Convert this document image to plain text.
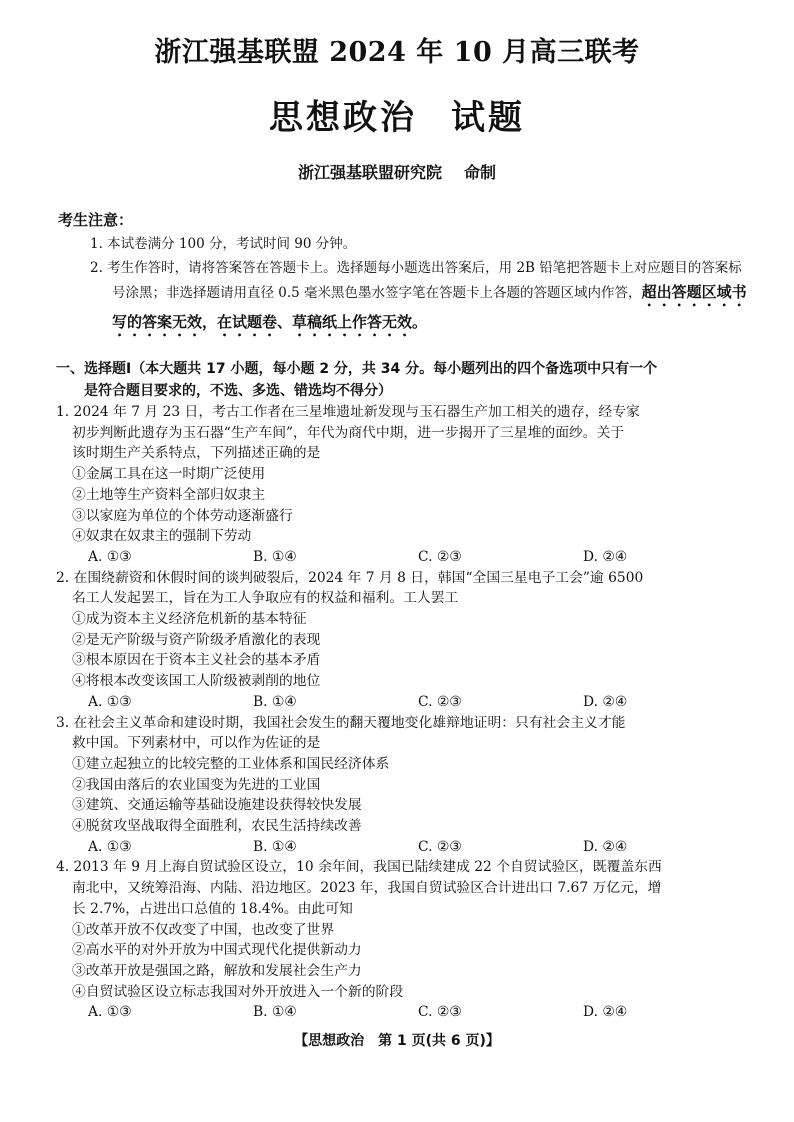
浙江强基联盟 2024 年 10 月高三联考
思想政治 试题
浙江强基联盟研究院 命制
考生注意：
1. 本试卷满分 100 分，考试时间 90 分钟。
2. 考生作答时，请将答案答在答题卡上。选择题每小题选出答案后，用 2B 铅笔把答题卡上对应题目的答案标号涂黑；非选择题请用直径 0.5 毫米黑色墨水签字笔在答题卡上各题的答题区域内作答，超出答题区域书写的答案无效，在试题卷、草稿纸上作答无效。
一、选择题Ⅰ（本大题共 17 小题，每小题 2 分，共 34 分。每小题列出的四个备选项中只有一个
是符合题目要求的，不选、多选、错选均不得分）
1. 2024 年 7 月 23 日，考古工作者在三星堆遗址新发现与玉石器生产加工相关的遗存，经专家
初步判断此遗存为玉石器“生产车间”，年代为商代中期，进一步揭开了三星堆的面纱。关于
该时期生产关系特点，下列描述正确的是
①金属工具在这一时期广泛使用
②土地等生产资料全部归奴隶主
③以家庭为单位的个体劳动逐渐盛行
④奴隶在奴隶主的强制下劳动
A. ①③	B. ①④	C. ②③	D. ②④
2. 在围绕薪资和休假时间的谈判破裂后，2024 年 7 月 8 日，韩国“全国三星电子工会”逾 6500
名工人发起罢工，旨在为工人争取应有的权益和福利。工人罢工
①成为资本主义经济危机新的基本特征
②是无产阶级与资产阶级矛盾激化的表现
③根本原因在于资本主义社会的基本矛盾
④将根本改变该国工人阶级被剥削的地位
A. ①③	B. ①④	C. ②③	D. ②④
3. 在社会主义革命和建设时期，我国社会发生的翻天覆地变化雄辩地证明：只有社会主义才能
救中国。下列素材中，可以作为佐证的是
①建立起独立的比较完整的工业体系和国民经济体系
②我国由落后的农业国变为先进的工业国
③建筑、交通运输等基础设施建设获得较快发展
④脱贫攻坚战取得全面胜利，农民生活持续改善
A. ①③	B. ①④	C. ②③	D. ②④
4. 2013 年 9 月上海自贸试验区设立，10 余年间，我国已陆续建成 22 个自贸试验区，既覆盖东西
南北中，又统筹沿海、内陆、沿边地区。2023 年，我国自贸试验区合计进出口 7.67 万亿元，增
长 2.7%，占进出口总值的 18.4%。由此可知
①改革开放不仅改变了中国，也改变了世界
②高水平的对外开放为中国式现代化提供新动力
③改革开放是强国之路，解放和发展社会生产力
④自贸试验区设立标志我国对外开放进入一个新的阶段
A. ①③	B. ①④	C. ②③	D. ②④
【思想政治　第 1 页(共 6 页)】
